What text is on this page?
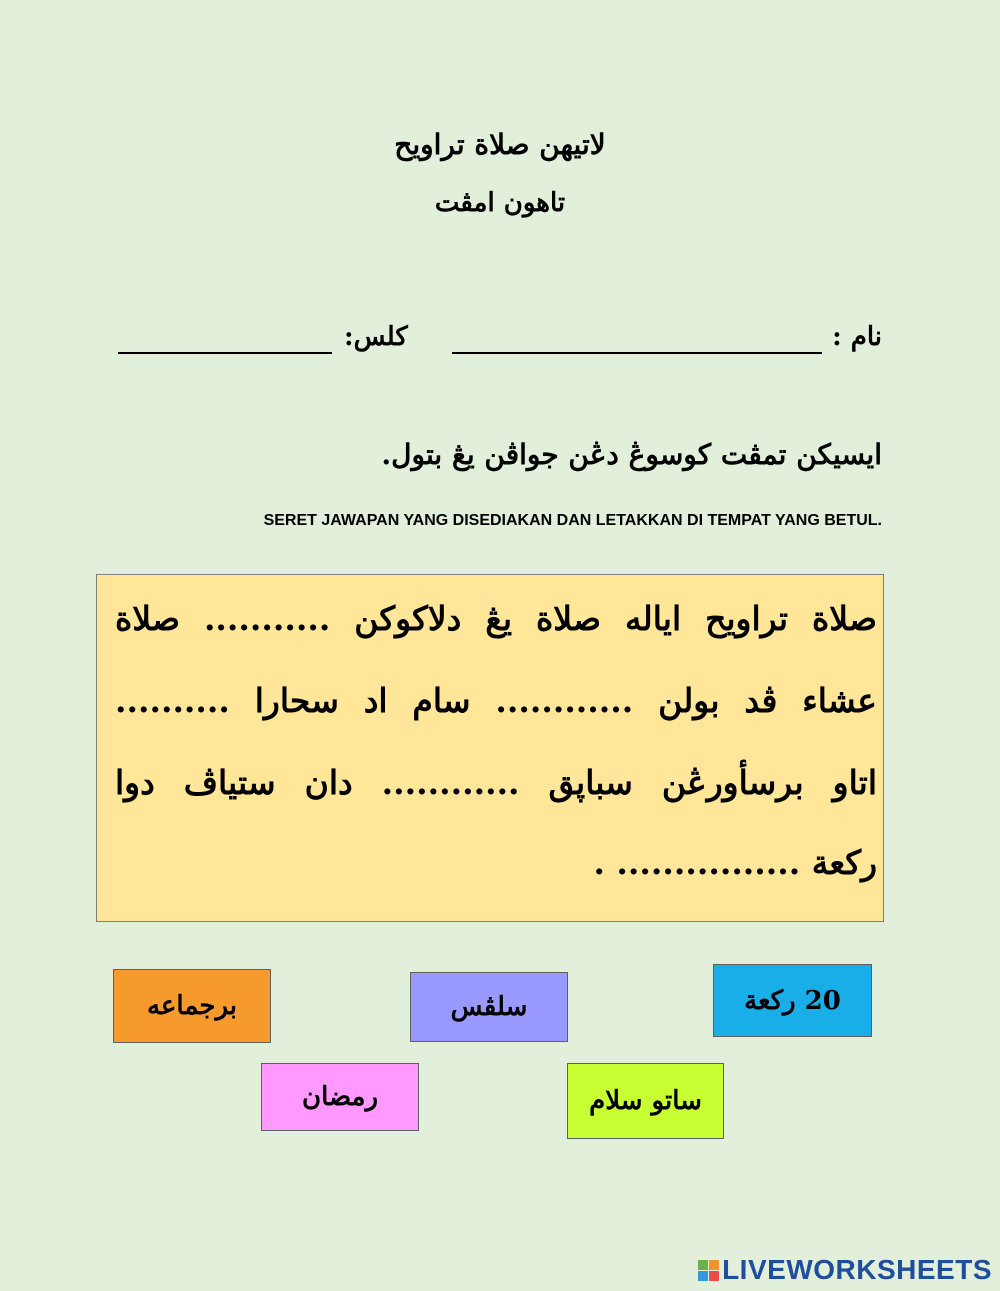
لاتيهن صلاة تراويح
تاهون امڤت
نام :
كلس:
ايسيكن تمڤت كوسوڠ دڠن جواڤن يڠ بتول.
SERET JAWAPAN YANG DISEDIAKAN DAN LETAKKAN DI TEMPAT YANG BETUL.
صلاة تراويح اياله صلاة يڠ دلاكوكن ........... صلاة
عشاء ڤد بولن ............ سام اد سحارا ..........
اتاو برسأورڠن سباڽق ............ دان ستياڤ دوا
ركعة ................ .
برجماعه	سلڤس	20 ركعة
رمضان	ساتو سلام
LIVEWORKSHEETS
